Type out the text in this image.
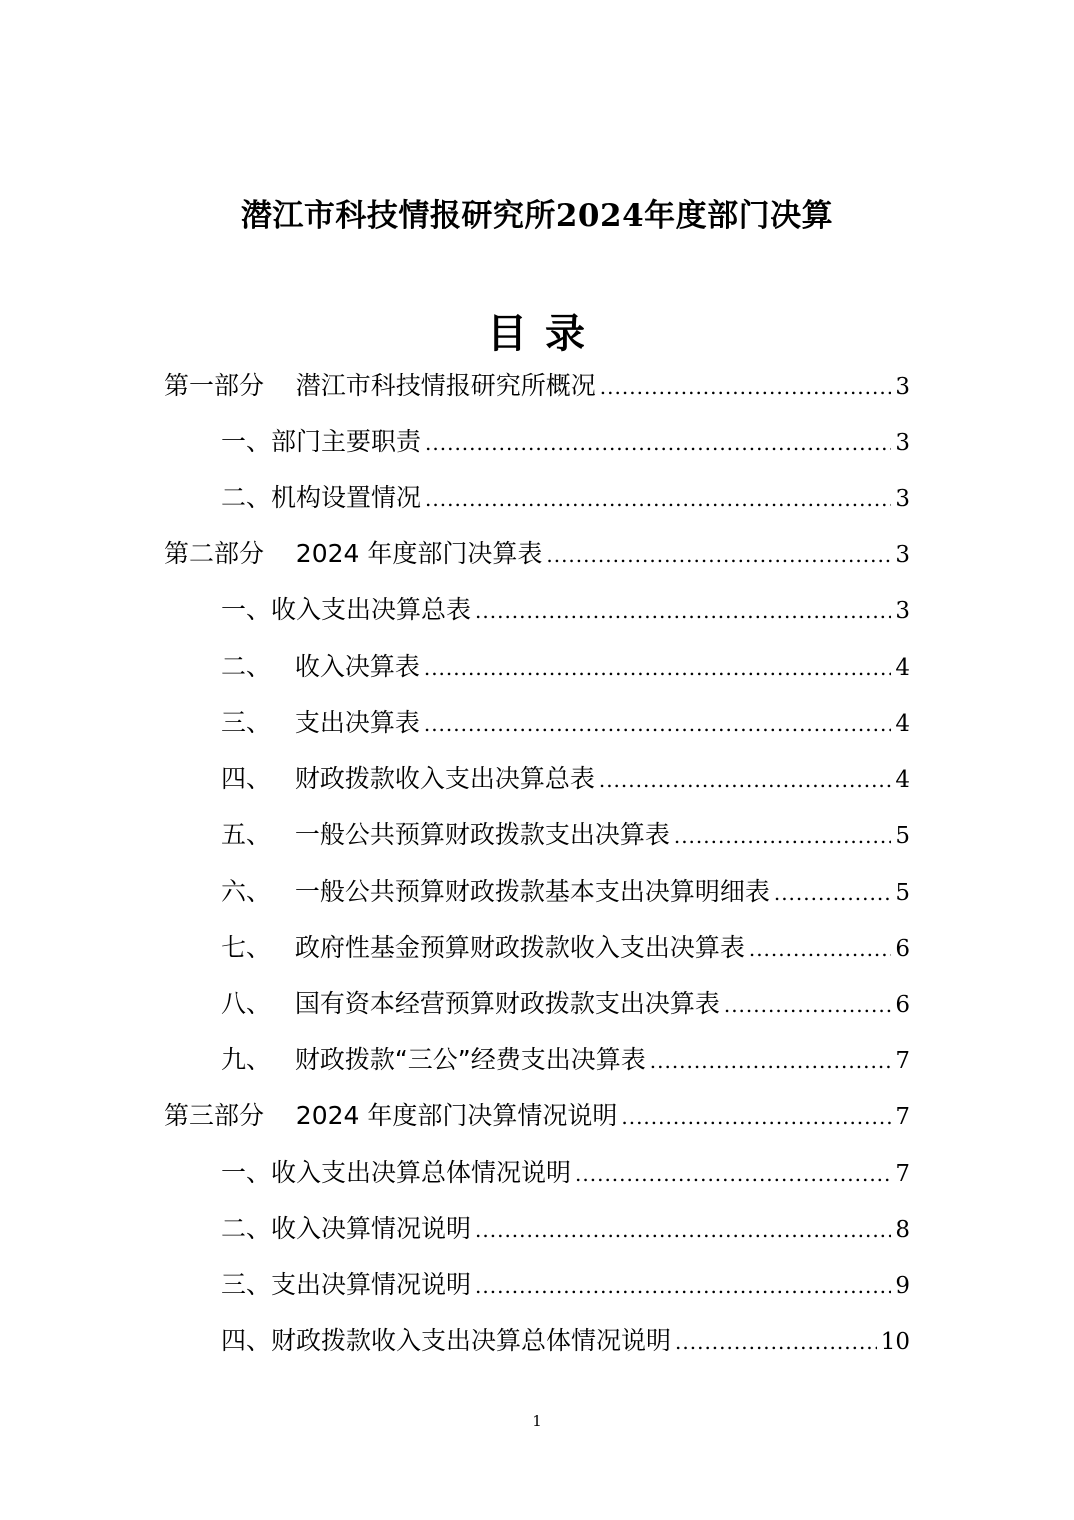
潜江市科技情报研究所2024年度部门决算
目 录
第一部分    潜江市科技情报研究所概况 .....	3
一、部门主要职责 .....	3
二、机构设置情况 .....	3
第二部分    2024 年度部门决算表 .....	3
一、收入支出决算总表 .....	3
二、   收入决算表 .....	4
三、   支出决算表 .....	4
四、   财政拨款收入支出决算总表 .....	4
五、   一般公共预算财政拨款支出决算表 .....	5
六、   一般公共预算财政拨款基本支出决算明细表 .....	5
七、   政府性基金预算财政拨款收入支出决算表 .....	6
八、   国有资本经营预算财政拨款支出决算表 .....	6
九、   财政拨款“三公”经费支出决算表 .....	7
第三部分    2024 年度部门决算情况说明 .....	7
一、收入支出决算总体情况说明 .....	7
二、收入决算情况说明 .....	8
三、支出决算情况说明 .....	9
四、财政拨款收入支出决算总体情况说明 .....	10
1
